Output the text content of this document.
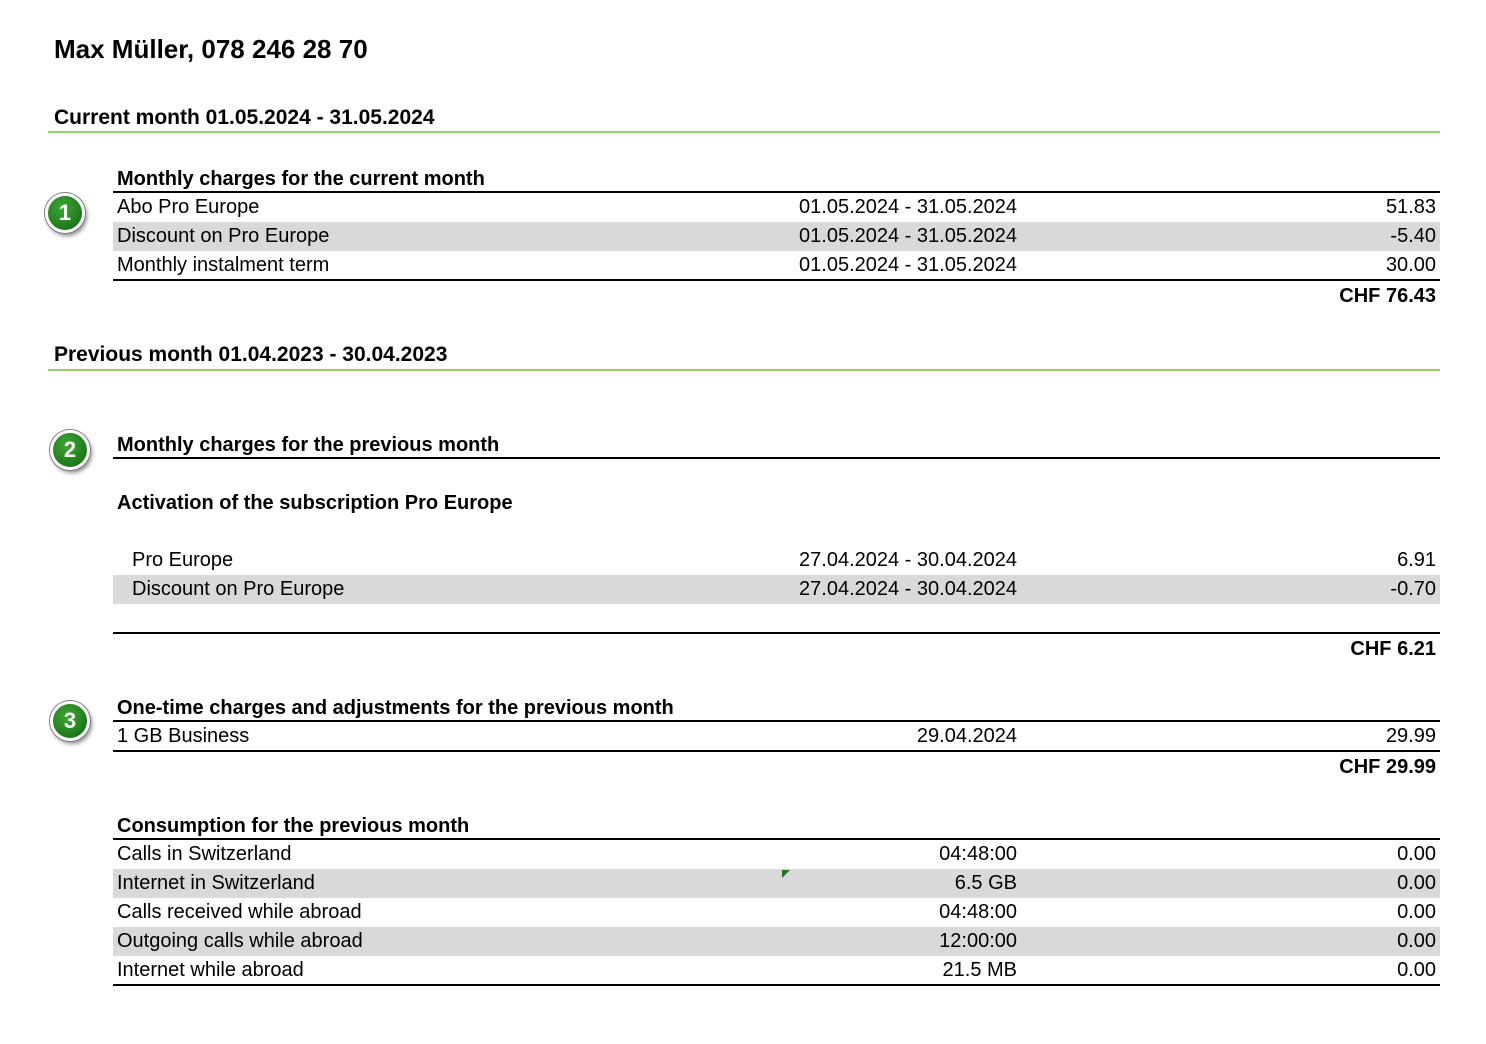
Max Müller, 078 246 28 70
Current month 01.05.2024 - 31.05.2024
1
Monthly charges for the current month
Abo Pro Europe	01.05.2024 - 31.05.2024	51.83
Discount on Pro Europe	01.05.2024 - 31.05.2024	-5.40
Monthly instalment term	01.05.2024 - 31.05.2024	30.00
CHF 76.43
Previous month 01.04.2023 - 30.04.2023
2	Monthly charges for the previous month
Activation of the subscription Pro Europe
Pro Europe	27.04.2024 - 30.04.2024	6.91
Discount on Pro Europe	27.04.2024 - 30.04.2024	-0.70
CHF 6.21
3	One-time charges and adjustments for the previous month
1 GB Business	29.04.2024	29.99
CHF 29.99
Consumption for the previous month
Calls in Switzerland	04:48:00	0.00
Internet in Switzerland	6.5 GB	0.00
Calls received while abroad	04:48:00	0.00
Outgoing calls while abroad	12:00:00	0.00
Internet while abroad	21.5 MB	0.00
